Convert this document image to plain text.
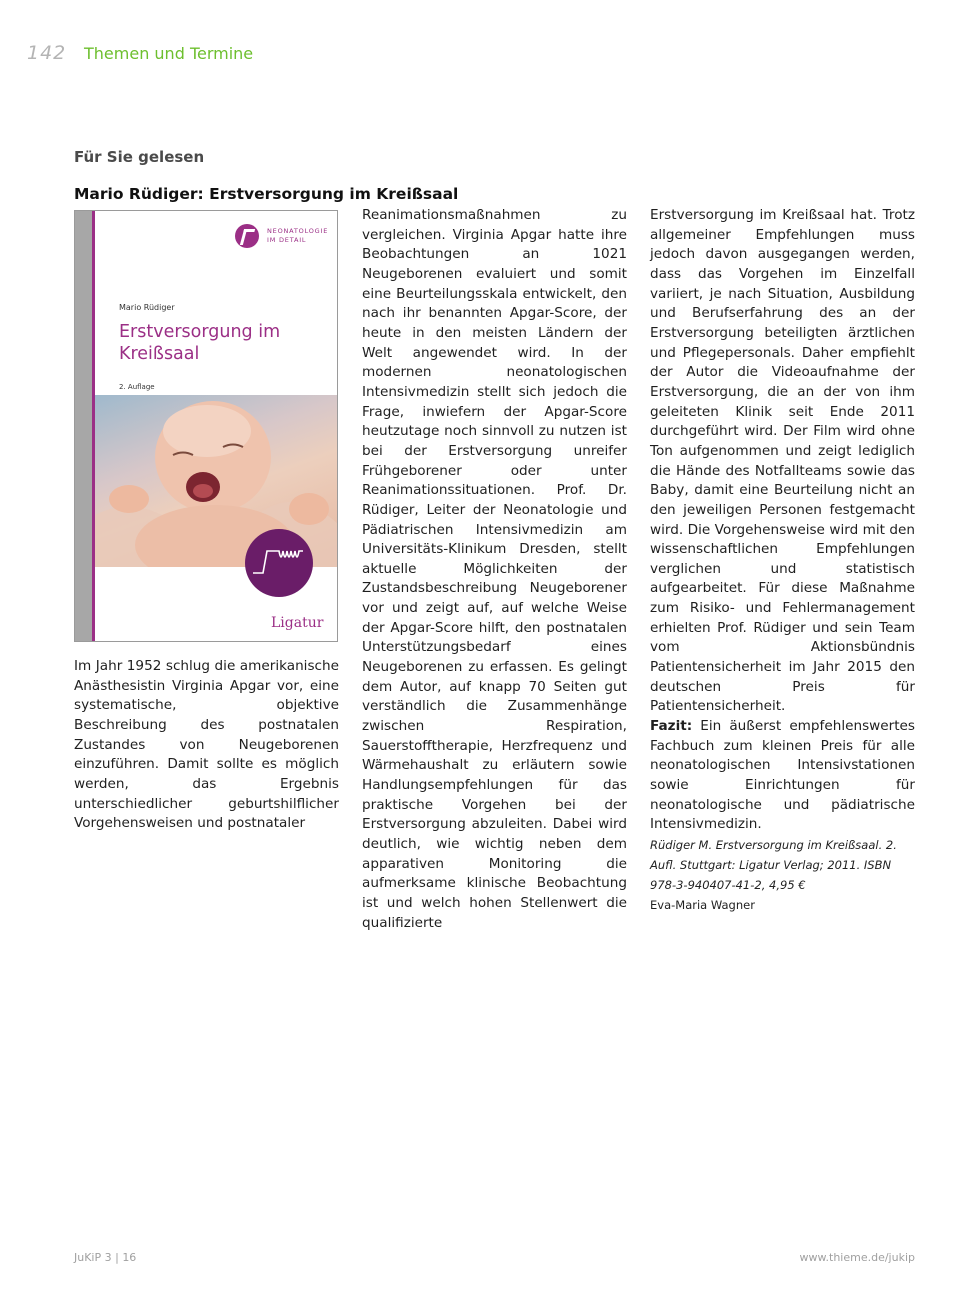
142 Themen und Termine
Für Sie gelesen
Mario Rüdiger: Erstversorgung im Kreißsaal
NEONATOLOGIE
IM DETAIL
Mario Rüdiger
Erstversorgung im Kreißsaal
2. Auflage
Ligatur

Im Jahr 1952 schlug die amerikanische Anästhesistin Virginia Apgar vor, eine systematische, objektive Beschreibung des postnatalen Zustandes von Neugeborenen einzuführen. Damit sollte es möglich werden, das Ergebnis unterschiedlicher geburtshilflicher Vorgehensweisen und postnataler

Reanimationsmaßnahmen zu vergleichen. Virginia Apgar hatte ihre Beobachtungen an 1021 Neugeborenen evaluiert und somit eine Beurteilungsskala entwickelt, den nach ihr benannten Apgar-Score, der heute in den meisten Ländern der Welt angewendet wird. In der modernen neonatologischen Intensivmedizin stellt sich jedoch die Frage, inwiefern der Apgar-Score heutzutage noch sinnvoll zu nutzen ist bei der Erstversorgung unreifer Frühgeborener oder unter Reanimationssituationen. Prof. Dr. Rüdiger, Leiter der Neonatologie und Pädiatrischen Intensivmedizin am Universitäts-Klinikum Dresden, stellt aktuelle Möglichkeiten der Zustandsbeschreibung Neugeborener vor und zeigt auf, auf welche Weise der Apgar-Score hilft, den postnatalen Unterstützungsbedarf eines Neugeborenen zu erfassen. Es gelingt dem Autor, auf knapp 70 Seiten gut verständlich die Zusammenhänge zwischen Respiration, Sauerstofftherapie, Herzfrequenz und Wärmehaushalt zu erläutern sowie Handlungsempfehlungen für das praktische Vorgehen bei der Erstversorgung abzuleiten. Dabei wird deutlich, wie wichtig neben dem apparativen Monitoring die aufmerksame klinische Beobachtung ist und welch hohen Stellenwert die qualifizierte

Erstversorgung im Kreißsaal hat. Trotz allgemeiner Empfehlungen muss jedoch davon ausgegangen werden, dass das Vorgehen im Einzelfall variiert, je nach Situation, Ausbildung und Berufserfahrung des an der Erstversorgung beteiligten ärztlichen und Pflegepersonals. Daher empfiehlt der Autor die Videoaufnahme der Erstversorgung, die an der von ihm geleiteten Klinik seit Ende 2011 durchgeführt wird. Der Film wird ohne Ton aufgenommen und zeigt lediglich die Hände des Notfallteams sowie das Baby, damit eine Beurteilung nicht an den jeweiligen Personen festgemacht wird. Die Vorgehensweise wird mit den wissenschaftlichen Empfehlungen verglichen und statistisch aufgearbeitet. Für diese Maßnahme zum Risiko- und Fehlermanagement erhielten Prof. Rüdiger und sein Team vom Aktionsbündnis Patientensicherheit im Jahr 2015 den deutschen Preis für Patientensicherheit.

Fazit: Ein äußerst empfehlenswertes Fachbuch zum kleinen Preis für alle neonatologischen Intensivstationen sowie Einrichtungen für neonatologische und pädiatrische Intensivmedizin.

Rüdiger M. Erstversorgung im Kreißsaal. 2. Aufl. Stuttgart: Ligatur Verlag; 2011. ISBN 978-3-940407-41-2, 4,95 €

Eva-Maria Wagner

JuKiP 3 | 16	www.thieme.de/jukip
